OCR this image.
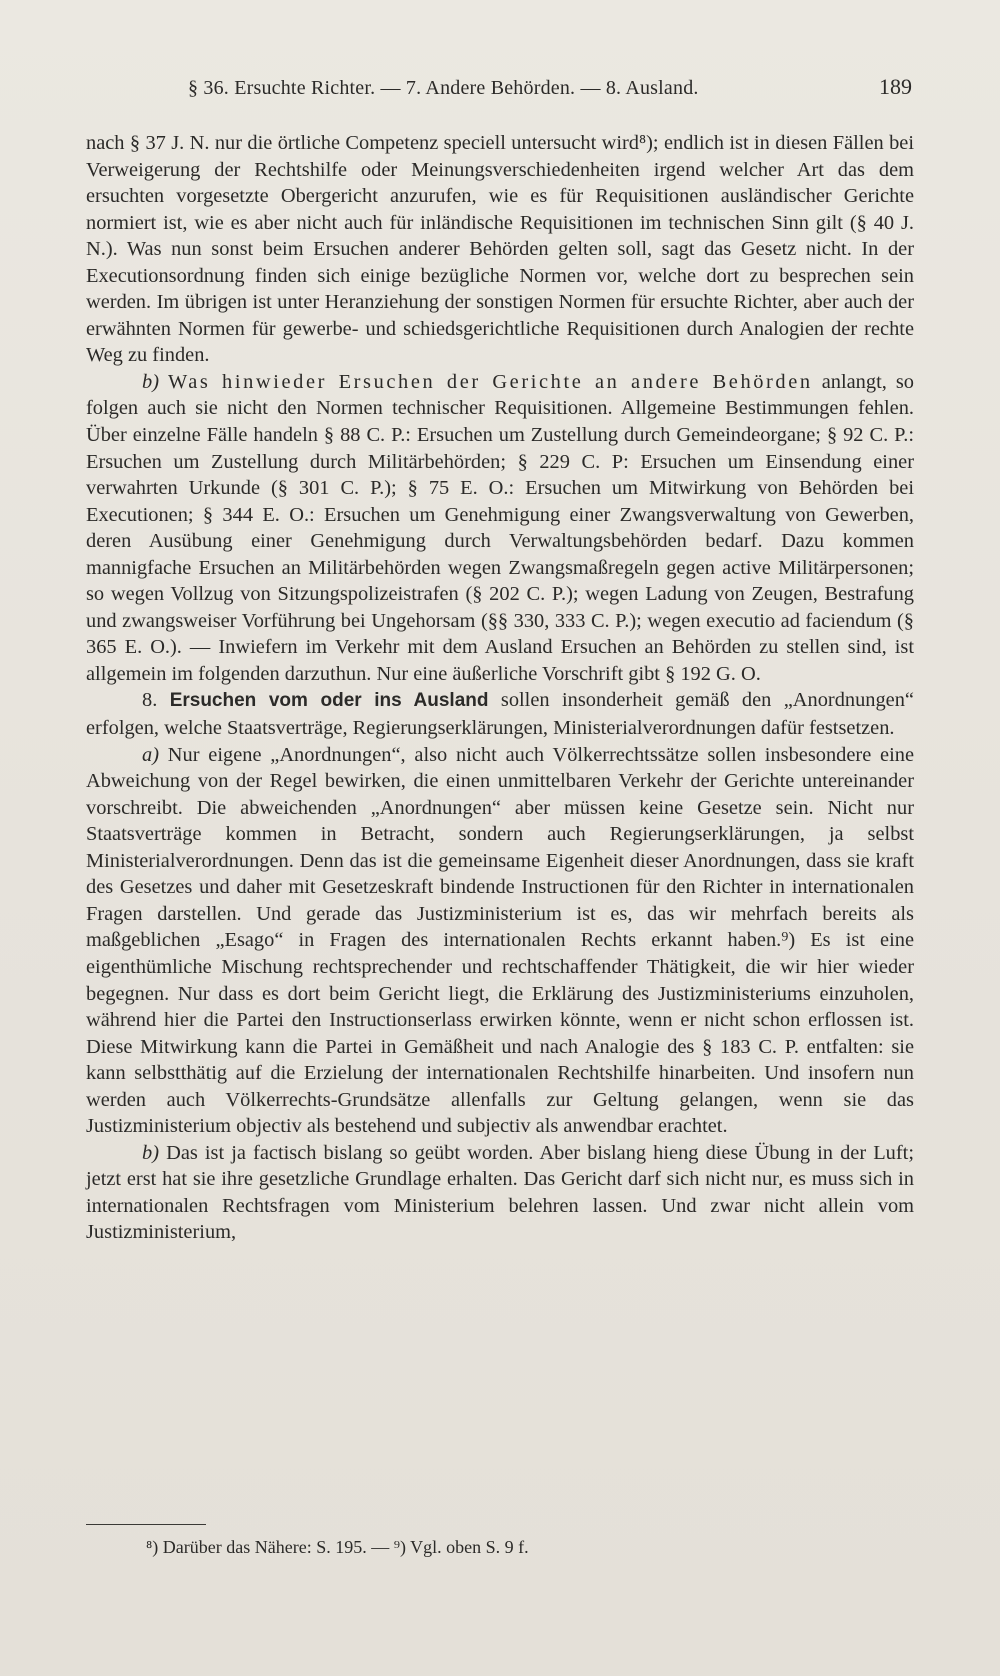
§ 36. Ersuchte Richter. — 7. Andere Behörden. — 8. Ausland.	189

nach § 37 J. N. nur die örtliche Competenz speciell untersucht wird⁸); endlich ist in diesen Fällen bei Verweigerung der Rechtshilfe oder Meinungsverschiedenheiten irgend welcher Art das dem ersuchten vorgesetzte Obergericht anzurufen, wie es für Requisitionen ausländischer Gerichte normiert ist, wie es aber nicht auch für inländische Requisitionen im technischen Sinn gilt (§ 40 J. N.). Was nun sonst beim Ersuchen anderer Behörden gelten soll, sagt das Gesetz nicht. In der Executionsordnung finden sich einige bezügliche Normen vor, welche dort zu besprechen sein werden. Im übrigen ist unter Heranziehung der sonstigen Normen für ersuchte Richter, aber auch der erwähnten Normen für gewerbe- und schiedsgerichtliche Requisitionen durch Analogien der rechte Weg zu finden.

b) Was hinwieder Ersuchen der Gerichte an andere Behörden anlangt, so folgen auch sie nicht den Normen technischer Requisitionen. Allgemeine Bestimmungen fehlen. Über einzelne Fälle handeln § 88 C. P.: Ersuchen um Zustellung durch Gemeindeorgane; § 92 C. P.: Ersuchen um Zustellung durch Militärbehörden; § 229 C. P: Ersuchen um Einsendung einer verwahrten Urkunde (§ 301 C. P.); § 75 E. O.: Ersuchen um Mitwirkung von Behörden bei Executionen; § 344 E. O.: Ersuchen um Genehmigung einer Zwangsverwaltung von Gewerben, deren Ausübung einer Genehmigung durch Verwaltungsbehörden bedarf. Dazu kommen mannigfache Ersuchen an Militärbehörden wegen Zwangsmaßregeln gegen active Militärpersonen; so wegen Vollzug von Sitzungspolizeistrafen (§ 202 C. P.); wegen Ladung von Zeugen, Bestrafung und zwangsweiser Vorführung bei Ungehorsam (§§ 330, 333 C. P.); wegen executio ad faciendum (§ 365 E. O.). — Inwiefern im Verkehr mit dem Ausland Ersuchen an Behörden zu stellen sind, ist allgemein im folgenden darzuthun. Nur eine äußerliche Vorschrift gibt § 192 G. O.

8. Ersuchen vom oder ins Ausland sollen insonderheit gemäß den „Anordnungen“ erfolgen, welche Staatsverträge, Regierungserklärungen, Ministerialverordnungen dafür festsetzen.

a) Nur eigene „Anordnungen“, also nicht auch Völkerrechtssätze sollen insbesondere eine Abweichung von der Regel bewirken, die einen unmittelbaren Verkehr der Gerichte untereinander vorschreibt. Die abweichenden „Anordnungen“ aber müssen keine Gesetze sein. Nicht nur Staatsverträge kommen in Betracht, sondern auch Regierungserklärungen, ja selbst Ministerialverordnungen. Denn das ist die gemeinsame Eigenheit dieser Anordnungen, dass sie kraft des Gesetzes und daher mit Gesetzeskraft bindende Instructionen für den Richter in internationalen Fragen darstellen. Und gerade das Justizministerium ist es, das wir mehrfach bereits als maßgeblichen „Esago“ in Fragen des internationalen Rechts erkannt haben.⁹) Es ist eine eigenthümliche Mischung rechtsprechender und rechtschaffender Thätigkeit, die wir hier wieder begegnen. Nur dass es dort beim Gericht liegt, die Erklärung des Justizministeriums einzuholen, während hier die Partei den Instructionserlass erwirken könnte, wenn er nicht schon erflossen ist. Diese Mitwirkung kann die Partei in Gemäßheit und nach Analogie des § 183 C. P. entfalten: sie kann selbstthätig auf die Erzielung der internationalen Rechtshilfe hinarbeiten. Und insofern nun werden auch Völkerrechts-Grundsätze allenfalls zur Geltung gelangen, wenn sie das Justizministerium objectiv als bestehend und subjectiv als anwendbar erachtet.

b) Das ist ja factisch bislang so geübt worden. Aber bislang hieng diese Übung in der Luft; jetzt erst hat sie ihre gesetzliche Grundlage erhalten. Das Gericht darf sich nicht nur, es muss sich in internationalen Rechtsfragen vom Ministerium belehren lassen. Und zwar nicht allein vom Justizministerium,

⁸) Darüber das Nähere: S. 195. — ⁹) Vgl. oben S. 9 f.
